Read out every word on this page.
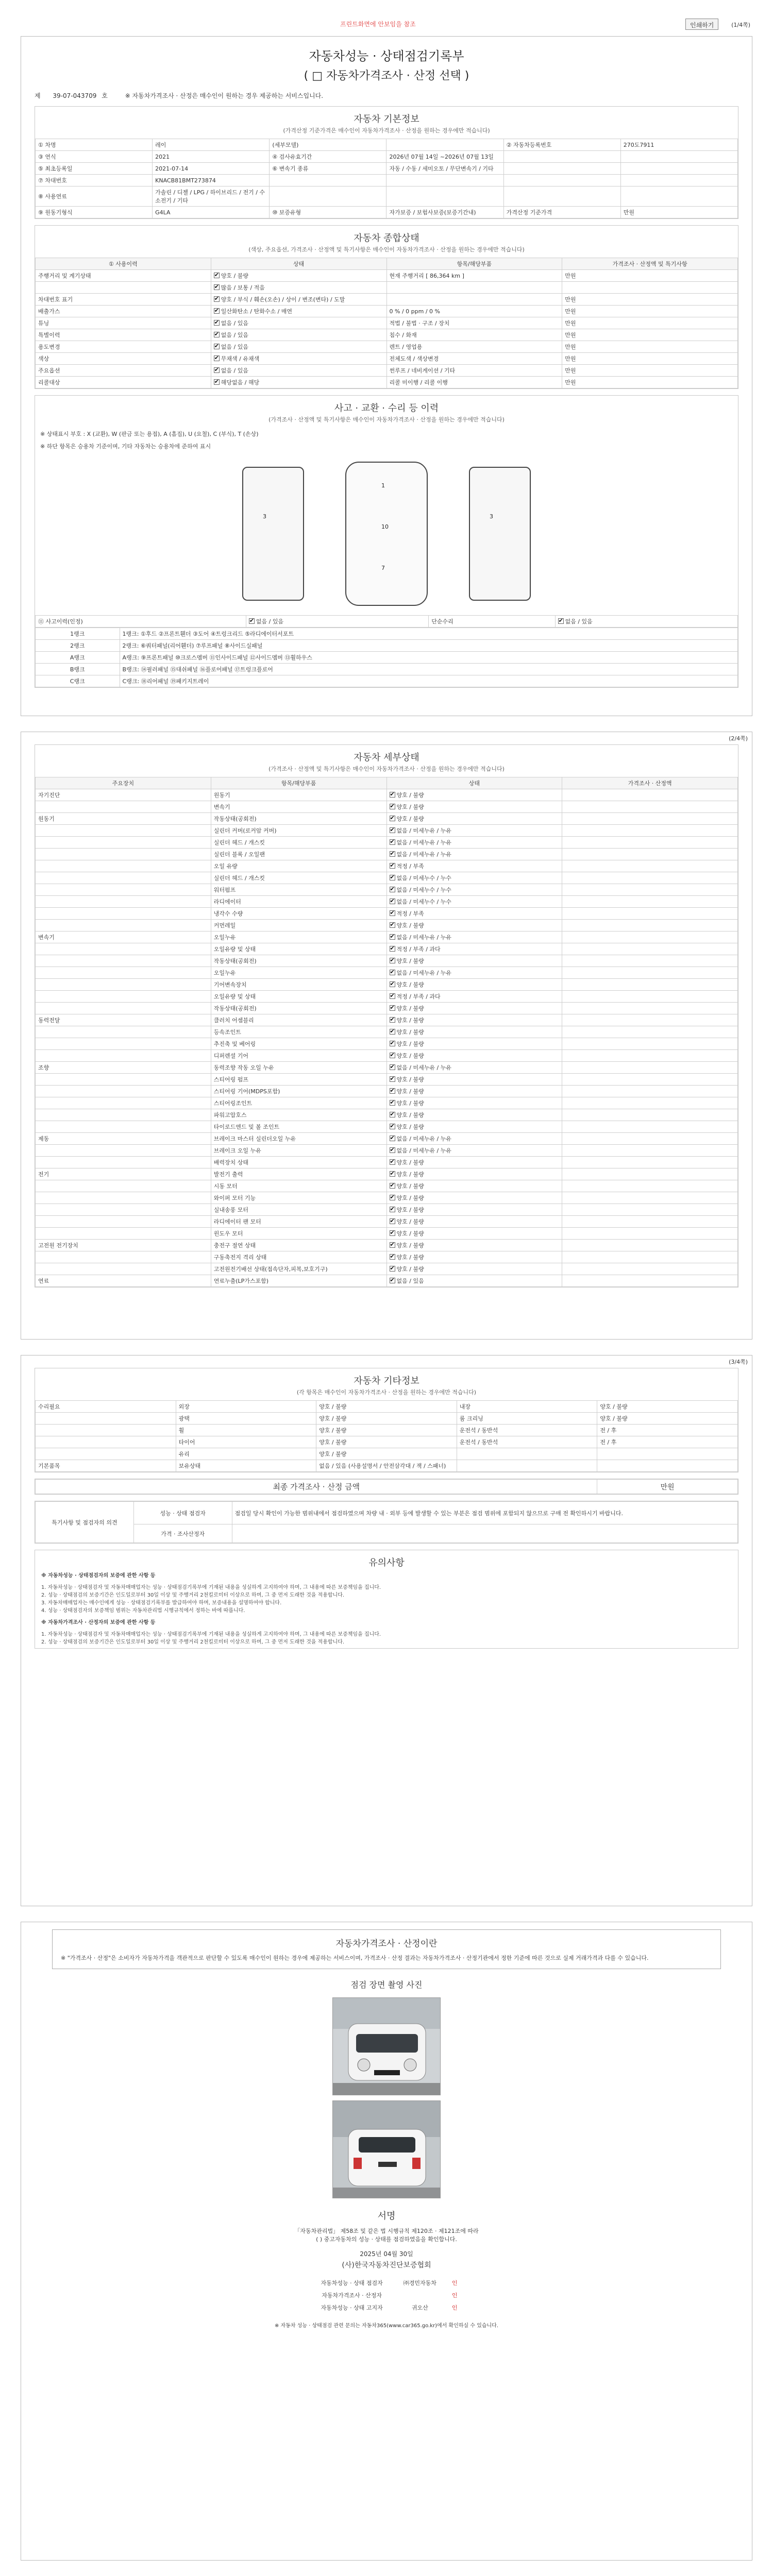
프린트화면에 안보임을 참조	인쇄하기	(1/4쪽)
자동차성능 · 상태점검기록부
( □ 자동차가격조사 · 산정 선택 )
제 39-07-043709 호	※ 자동차가격조사 · 산정은 매수인이 원하는 경우 제공하는 서비스입니다.
자동차 기본정보
(가격산정 기준가격은 매수인이 자동차가격조사 · 산정을 원하는 경우에만 적습니다)
① 차명	레이	(세부모델)		② 자동차등록번호	270도7911
③ 연식	2021	④ 검사유효기간	2026년 07월 14일 ~2026년 07월 13일		
⑤ 최초등록일	2021-07-14	⑥ 변속기 종류	자동 / 수동 / 세미오토 / 무단변속기 / 기타		
⑦ 차대번호	KNACB81BMT273874				
⑧ 사용연료	가솔린 / 디젤 / LPG / 하이브리드 / 전기 / 수소전기 / 기타				
⑨ 원동기형식	G4LA	⑩ 보증유형	자가보증 / 보험사보증(보증기간내)	가격산정 기준가격	만원
자동차 종합상태
(색상, 주요옵션, 가격조사 · 산정액 및 특기사항은 매수인이 자동차가격조사 · 산정을 원하는 경우에만 적습니다)
① 사용이력	상태	항목/해당부품	가격조사 · 산정액 및 특기사항
주행거리 및 계기상태	✔양호 / 불량	현재 주행거리 [ 86,364 km ]	만원
	✔많음 / 보통 / 적음		
차대번호 표기	✔양호 / 부식 / 훼손(오손) / 상이 / 변조(변타) / 도말		만원
배출가스	✔일산화탄소 / 탄화수소 / 매연	0 % / 0 ppm / 0 %	만원
튜닝	✔없음 / 있음	적법 / 불법 · 구조 / 장치	만원
특별이력	✔없음 / 있음	침수 / 화재	만원
용도변경	✔없음 / 있음	렌트 / 영업용	만원
색상	✔무채색 / 유채색	전체도색 / 색상변경	만원
주요옵션	✔없음 / 있음	썬루프 / 네비게이션 / 기타	만원
리콜대상	✔해당없음 / 해당	리콜 미이행 / 리콜 이행	만원
사고 · 교환 · 수리 등 이력
(가격조사 · 산정액 및 특기사항은 매수인이 자동차가격조사 · 산정을 원하는 경우에만 적습니다)
※ 상태표시 부호 : X (교환), W (판금 또는 용접), A (흠집), U (요철), C (부식), T (손상)
※ 하단 항목은 승용차 기준이며, 기타 자동차는 승용차에 준하여 표시
1
10
7
3	3
⑪ 사고이력(인정)	✔없음 / 있음	단순수리	✔없음 / 있음
1랭크	1랭크: ①후드 ②프론트휀더 ③도어 ④트렁크리드 ⑤라디에이터서포트
2랭크	2랭크: ⑥쿼터패널(리어휀더) ⑦루프패널 ⑧사이드실패널
A랭크	A랭크: ⑨프론트패널 ⑩크로스멤버 ⑪인사이드패널 ⑫사이드멤버 ⑬휠하우스
B랭크	B랭크: ⑭필러패널 ⑮대쉬패널 ⑯플로어패널 ⑰트렁크플로어
C랭크	C랭크: ⑱리어패널 ⑲패키지트레이
(2/4쪽)
자동차 세부상태
(가격조사 · 산정액 및 특기사항은 매수인이 자동차가격조사 · 산정을 원하는 경우에만 적습니다)
주요장치	항목/해당부품	상태	가격조사 · 산정액
자기진단	원동기	✔양호 / 불량	
	변속기	✔양호 / 불량	
원동기	작동상태(공회전)	✔양호 / 불량	
	실린더 커버(로커암 커버)	✔없음 / 미세누유 / 누유	
	실린더 헤드 / 개스킷	✔없음 / 미세누유 / 누유	
	실린더 블록 / 오일팬	✔없음 / 미세누유 / 누유	
	오일 유량	✔적정 / 부족	
	실린더 헤드 / 개스킷	✔없음 / 미세누수 / 누수	
	워터펌프	✔없음 / 미세누수 / 누수	
	라디에이터	✔없음 / 미세누수 / 누수	
	냉각수 수량	✔적정 / 부족	
	커먼레일	✔양호 / 불량	
변속기	오일누유	✔없음 / 미세누유 / 누유	
	오일유량 및 상태	✔적정 / 부족 / 과다	
	작동상태(공회전)	✔양호 / 불량	
	오일누유	✔없음 / 미세누유 / 누유	
	기어변속장치	✔양호 / 불량	
	오일유량 및 상태	✔적정 / 부족 / 과다	
	작동상태(공회전)	✔양호 / 불량	
동력전달	클러치 어셈블리	✔양호 / 불량	
	등속조인트	✔양호 / 불량	
	추진축 및 베어링	✔양호 / 불량	
	디퍼렌셜 기어	✔양호 / 불량	
조향	동력조향 작동 오일 누유	✔없음 / 미세누유 / 누유	
	스티어링 펌프	✔양호 / 불량	
	스티어링 기어(MDPS포함)	✔양호 / 불량	
	스티어링조인트	✔양호 / 불량	
	파워고압호스	✔양호 / 불량	
	타이로드엔드 및 볼 조인트	✔양호 / 불량	
제동	브레이크 마스터 실린더오일 누유	✔없음 / 미세누유 / 누유	
	브레이크 오일 누유	✔없음 / 미세누유 / 누유	
	배력장치 상태	✔양호 / 불량	
전기	발전기 출력	✔양호 / 불량	
	시동 모터	✔양호 / 불량	
	와이퍼 모터 기능	✔양호 / 불량	
	실내송풍 모터	✔양호 / 불량	
	라디에이터 팬 모터	✔양호 / 불량	
	윈도우 모터	✔양호 / 불량	
고전원 전기장치	충전구 절연 상태	✔양호 / 불량	
	구동축전지 격리 상태	✔양호 / 불량	
	고전원전기배선 상태(접속단자,피복,보호기구)	✔양호 / 불량	
연료	연료누출(LP가스포함)	✔없음 / 있음	
(3/4쪽)
자동차 기타정보
(각 항목은 매수인이 자동차가격조사 · 산정을 원하는 경우에만 적습니다)
수리필요	외장	양호 / 불량	내장	양호 / 불량
	광택	양호 / 불량	룸 크리닝	양호 / 불량
	휠	양호 / 불량	운전석 / 동반석	전 / 후
	타이어	양호 / 불량	운전석 / 동반석	전 / 후
	유리	양호 / 불량		
기본품목	보유상태	없음 / 있음 (사용설명서 / 안전삼각대 / 잭 / 스패너)		
최종 가격조사 · 산정 금액	만원
특기사항 및 점검자의 의견	성능 · 상태 점검자	점검일 당시 확인이 가능한 범위내에서 점검하였으며 차량 내 · 외부 등에 발생할 수 있는 부분은 점검 범위에 포함되지 않으므로 구매 전 확인하시기 바랍니다.
	가격 · 조사산정자	
유의사항
※ 자동차성능 · 상태점검자의 보증에 관한 사항 등
1. 자동차성능 · 상태점검자 및 자동차매매업자는 성능 · 상태점검기록부에 기재된 내용을 성실하게 고지하여야 하며, 그 내용에 따른 보증책임을 집니다.
2. 성능 · 상태점검의 보증기간은 인도일로부터 30일 이상 및 주행거리 2천킬로미터 이상으로 하며, 그 중 먼저 도래한 것을 적용합니다.
3. 자동차매매업자는 매수인에게 성능 · 상태점검기록부를 발급하여야 하며, 보증내용을 설명하여야 합니다.
4. 성능 · 상태점검자의 보증책임 범위는 자동차관리법 시행규칙에서 정하는 바에 따릅니다.
※ 자동차가격조사 · 산정자의 보증에 관한 사항 등
1. 자동차성능 · 상태점검자 및 자동차매매업자는 성능 · 상태점검기록부에 기재된 내용을 성실하게 고지하여야 하며, 그 내용에 따른 보증책임을 집니다.
2. 성능 · 상태점검의 보증기간은 인도일로부터 30일 이상 및 주행거리 2천킬로미터 이상으로 하며, 그 중 먼저 도래한 것을 적용합니다.
자동차가격조사 · 산정이란
※ "가격조사 · 산정"은 소비자가 자동차가격을 객관적으로 판단할 수 있도록 매수인이 원하는 경우에 제공하는 서비스이며, 가격조사 · 산정 결과는 자동차가격조사 · 산정기관에서 정한 기준에 따른 것으로 실제 거래가격과 다를 수 있습니다.
점검 장면 촬영 사진
서명
「자동차관리법」 제58조 및 같은 법 시행규칙 제120조 · 제121조에 따라
( ) 중고자동차의 성능 · 상태를 점검하였음을 확인합니다.
2025년 04월 30일
(사)한국자동차진단보증협회
자동차성능 · 상태 점검자	㈜경민자동차	인
자동차가격조사 · 산정자		인
자동차성능 · 상태 고지자	귀오산	인
※ 자동차 성능 · 상태점검 관련 문의는 자동차365(www.car365.go.kr)에서 확인하실 수 있습니다.
